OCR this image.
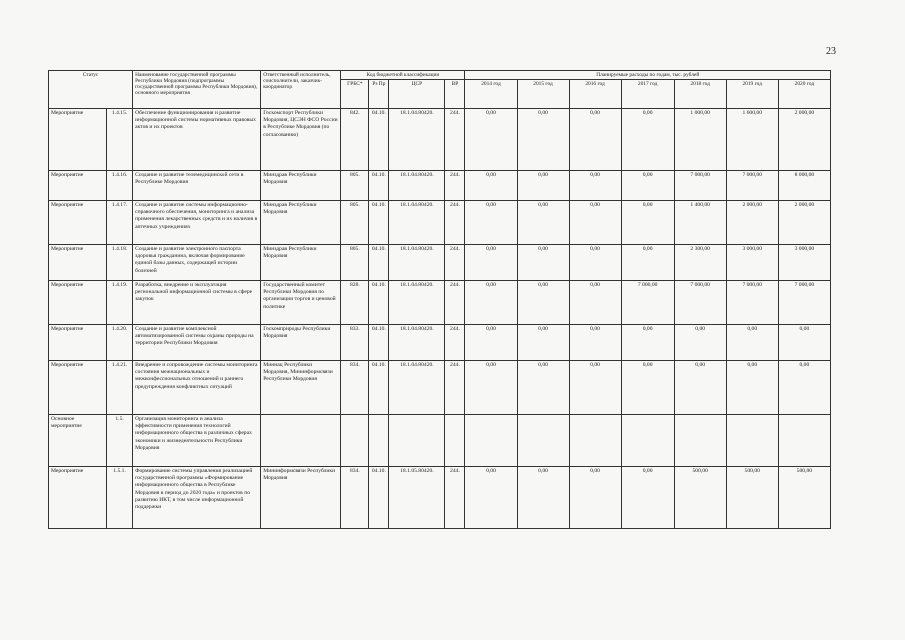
23
Статус		Наименование государственной программы Республики Мордовия (подпрограммы государственной программы Республики Мордовия), основного мероприятия	Ответственный исполнитель, соисполнители, заказчик-координатор	Код бюджетной классификации				Планируемые расходы по годам, тыс. рублей						
				ГРБС*	Рз Пр	ЦСР	ВР	2014 год	2015 год	2016 год	2017 год	2018 год	2019 год	2020 год
Мероприятие	1.4.15.	Обеспечение функционирования и развитие информационной системы нормативных правовых актов и их проектов	Госкомспорт Республики Мордовия, ЦСЭН ФСО России в Республике Мордовия (по согласованию)	842.	04.10.	18.1.04.80420.	244.	0,00	0,00	0,00	0,00	1 000,00	1 600,00	2 000,00
Мероприятие	1.4.16.	Создание и развитие телемедицинской сети в Республике Мордовия	Минздрав Республики Мордовия	805.	04.10.	18.1.04.80420.	244.	0,00	0,00	0,00	0,00	7 000,00	7 000,00	8 000,00
Мероприятие	1.4.17.	Создание и развитие системы информационно-справочного обеспечения, мониторинга и анализа применения лекарственных средств и их наличия в аптечных учреждениях	Минздрав Республики Мордовия	805.	04.10.	18.1.04.80420.	244.	0,00	0,00	0,00	0,00	1 400,00	2 000,00	2 000,00
Мероприятие	1.4.18.	Создание и развитие электронного паспорта здоровья гражданина, включая формирование единой базы данных, содержащей истории болезней	Минздрав Республики Мордовия	805.	04.10.	18.1.04.80420.	244.	0,00	0,00	0,00	0,00	2 300,00	3 000,00	3 000,00
Мероприятие	1.4.19.	Разработка, внедрение и эксплуатация региональной информационной системы в сфере закупок	Государственный комитет Республики Мордовия по организации торгов и ценовой политике	828.	04.10.	18.1.04.80420.	244.	0,00	0,00	0,00	7 000,00	7 000,00	7 000,00	7 000,00
Мероприятие	1.4.20.	Создание и развитие комплексной автоматизированной системы охраны природы на территории Республики Мордовия	Госкомприроды Республики Мордовия	833.	04.10.	18.1.04.80420.	244.	0,00	0,00	0,00	0,00	0,00	0,00	0,00
Мероприятие	1.4.21.	Внедрение и сопровождение системы мониторинга состояния межнациональных и межконфессиональных отношений и раннего предупреждения конфликтных ситуаций	Миннац Республики Мордовия, Мининформсвязи Республики Мордовия	834.	04.10.	18.1.04.80420.	244.	0,00	0,00	0,00	0,00	0,00	0,00	0,00
Основное мероприятие	1.5.	Организация мониторинга и анализа эффективности применения технологий информационного общества в различных сферах экономики и жизнедеятельности Республики Мордовия												
Мероприятие	1.5.1.	Формирование системы управления реализацией государственной программы «Формирование информационного общества в Республике Мордовия в период до 2020 года» и проектов по развитию ИКТ, в том числе информационной поддержки	Мининформсвязи Республики Мордовия	834.	04.10.	18.1.05.80420.	244.	0,00	0,00	0,00	0,00	500,00	500,00	500,00
